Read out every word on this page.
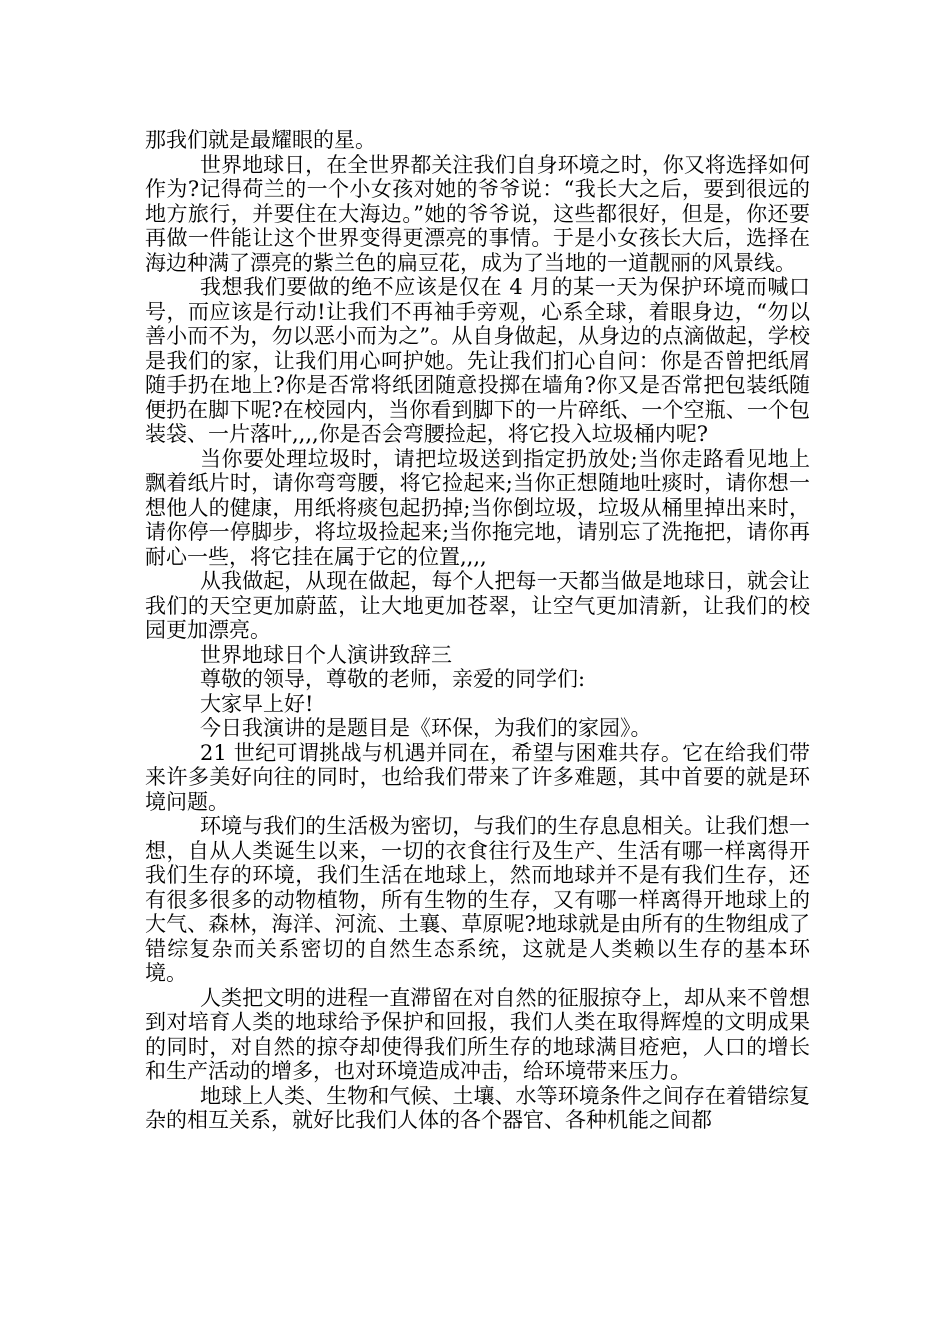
那我们就是最耀眼的星。

世界地球日，在全世界都关注我们自身环境之时，你又将选择如何作为?记得荷兰的一个小女孩对她的爷爷说：“我长大之后，要到很远的地方旅行，并要住在大海边。”她的爷爷说，这些都很好，但是，你还要再做一件能让这个世界变得更漂亮的事情。于是小女孩长大后，选择在海边种满了漂亮的紫兰色的扁豆花，成为了当地的一道靓丽的风景线。

我想我们要做的绝不应该是仅在 4 月的某一天为保护环境而喊口号，而应该是行动!让我们不再袖手旁观，心系全球，着眼身边，“勿以善小而不为，勿以恶小而为之”。从自身做起，从身边的点滴做起，学校是我们的家，让我们用心呵护她。先让我们扪心自问：你是否曾把纸屑随手扔在地上?你是否常将纸团随意投掷在墙角?你又是否常把包装纸随便扔在脚下呢?在校园内，当你看到脚下的一片碎纸、一个空瓶、一个包装袋、一片落叶,,,,你是否会弯腰捡起，将它投入垃圾桶内呢?

当你要处理垃圾时，请把垃圾送到指定扔放处;当你走路看见地上飘着纸片时，请你弯弯腰，将它捡起来;当你正想随地吐痰时，请你想一想他人的健康，用纸将痰包起扔掉;当你倒垃圾，垃圾从桶里掉出来时，请你停一停脚步，将垃圾捡起来;当你拖完地，请别忘了洗拖把，请你再耐心一些，将它挂在属于它的位置,,,,

从我做起，从现在做起，每个人把每一天都当做是地球日，就会让我们的天空更加蔚蓝，让大地更加苍翠，让空气更加清新，让我们的校园更加漂亮。

世界地球日个人演讲致辞三

尊敬的领导，尊敬的老师，亲爱的同学们:

大家早上好!

今日我演讲的是题目是《环保，为我们的家园》。

21 世纪可谓挑战与机遇并同在，希望与困难共存。它在给我们带来许多美好向往的同时，也给我们带来了许多难题，其中首要的就是环境问题。

环境与我们的生活极为密切，与我们的生存息息相关。让我们想一想，自从人类诞生以来，一切的衣食往行及生产、生活有哪一样离得开我们生存的环境，我们生活在地球上，然而地球并不是有我们生存，还有很多很多的动物植物，所有生物的生存，又有哪一样离得开地球上的大气、森林，海洋、河流、土襄、草原呢?地球就是由所有的生物组成了错综复杂而关系密切的自然生态系统，这就是人类赖以生存的基本环境。

人类把文明的进程一直滞留在对自然的征服掠夺上，却从来不曾想到对培育人类的地球给予保护和回报，我们人类在取得辉煌的文明成果的同时，对自然的掠夺却使得我们所生存的地球满目疮疤，人口的增长和生产活动的增多，也对环境造成冲击，给环境带来压力。

地球上人类、生物和气候、土壤、水等环境条件之间存在着错综复杂的相互关系，就好比我们人体的各个器官、各种机能之间都
